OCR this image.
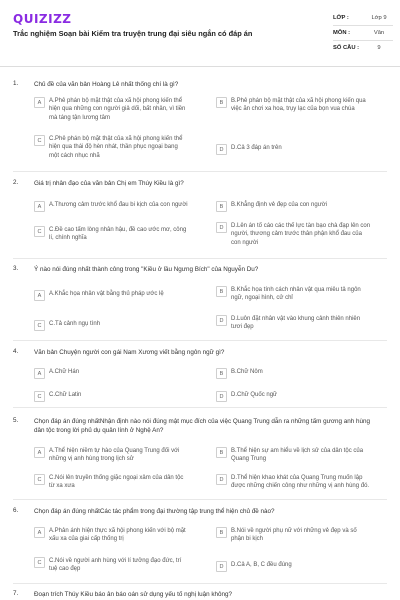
QUIZIZZ
Trắc nghiệm Soạn bài Kiểm tra truyện trung đại siêu ngắn có đáp án
LỚP :	Lớp 9
MÔN :	Văn
SỐ CÂU :	9
1. Chủ đề của văn bản Hoàng Lê nhất thống chí là gì?
A	A.Phê phán bộ mặt thật của xã hội phong kiến thể hiện qua những con người giả dối, bất nhân, vì tiền mà táng tận lương tâm
B	B.Phê phán bộ mặt thật của xã hội phong kiến qua việc ăn chơi xa hoa, trụy lạc của bọn vua chúa
C	C.Phê phán bộ mặt thật của xã hội phong kiến thể hiện qua thái độ hèn nhát, thần phục ngoại bang một cách nhục nhã
D	D.Cả 3 đáp án trên
2. Giá trị nhân đạo của văn bản Chị em Thúy Kiều là gì?
A	A.Thương cảm trước khổ đau bi kịch của con người	B	B.Khẳng định vẻ đẹp của con người
C	C.Đề cao tấm lòng nhân hậu, đề cao ước mơ, công lí, chính nghĩa
D	D.Lên án tố cáo các thế lực tàn bạo chà đạp lên con người, thương cảm trước thân phận khổ đau của con người
3. Ý nào nói đúng nhất thành công trong "Kiều ở lầu Ngưng Bích" của Nguyễn Du?
A	A.Khắc họa nhân vật bằng thủ pháp ước lệ	B	B.Khắc họa tính cách nhân vật qua miêu tả ngôn ngữ, ngoại hình, cử chỉ
C	C.Tả cảnh ngụ tình
D	D.Luôn đặt nhân vật vào khung cảnh thiên nhiên tươi đẹp
4. Văn bản Chuyện người con gái Nam Xương viết bằng ngôn ngữ gì?
A	A.Chữ Hán	B	B.Chữ Nôm
C	C.Chữ Latin	D	D.Chữ Quốc ngữ
5. Chọn đáp án đúng nhấtNhận định nào nói đúng mật mục đích của việc Quang Trung dẫn ra những tấm gương anh hùng dân tộc trong lời phủ dụ quân lính ở Nghệ An?
A	A.Thể hiện niềm tự hào của Quang Trung đối với những vị anh hùng trong lịch sử
B	B.Thể hiện sự am hiểu về lịch sử của dân tộc của Quang Trung
C	C.Nói lên truyền thống giặc ngoại xâm của dân tộc từ xa xưa
D	D.Thể hiện khao khát của Quang Trung muốn lập được những chiến công như những vị anh hùng đó.
6. Chọn đáp án đúng nhấtCác tác phẩm trong đại thường tập trung thể hiện chủ đề nào?
A	A.Phản ánh hiện thực xã hội phong kiến với bộ mặt xấu xa của giai cấp thống trị
B	B.Nói về người phụ nữ với những vẻ đẹp và số phận bi kịch
C	C.Nói về người anh hùng với lí tưởng đạo đức, trí tuệ cao đẹp	D	D.Cả A, B, C đều đúng
7. Đoạn trích Thúy Kiều báo ân báo oán sử dụng yếu tố nghị luận không?
